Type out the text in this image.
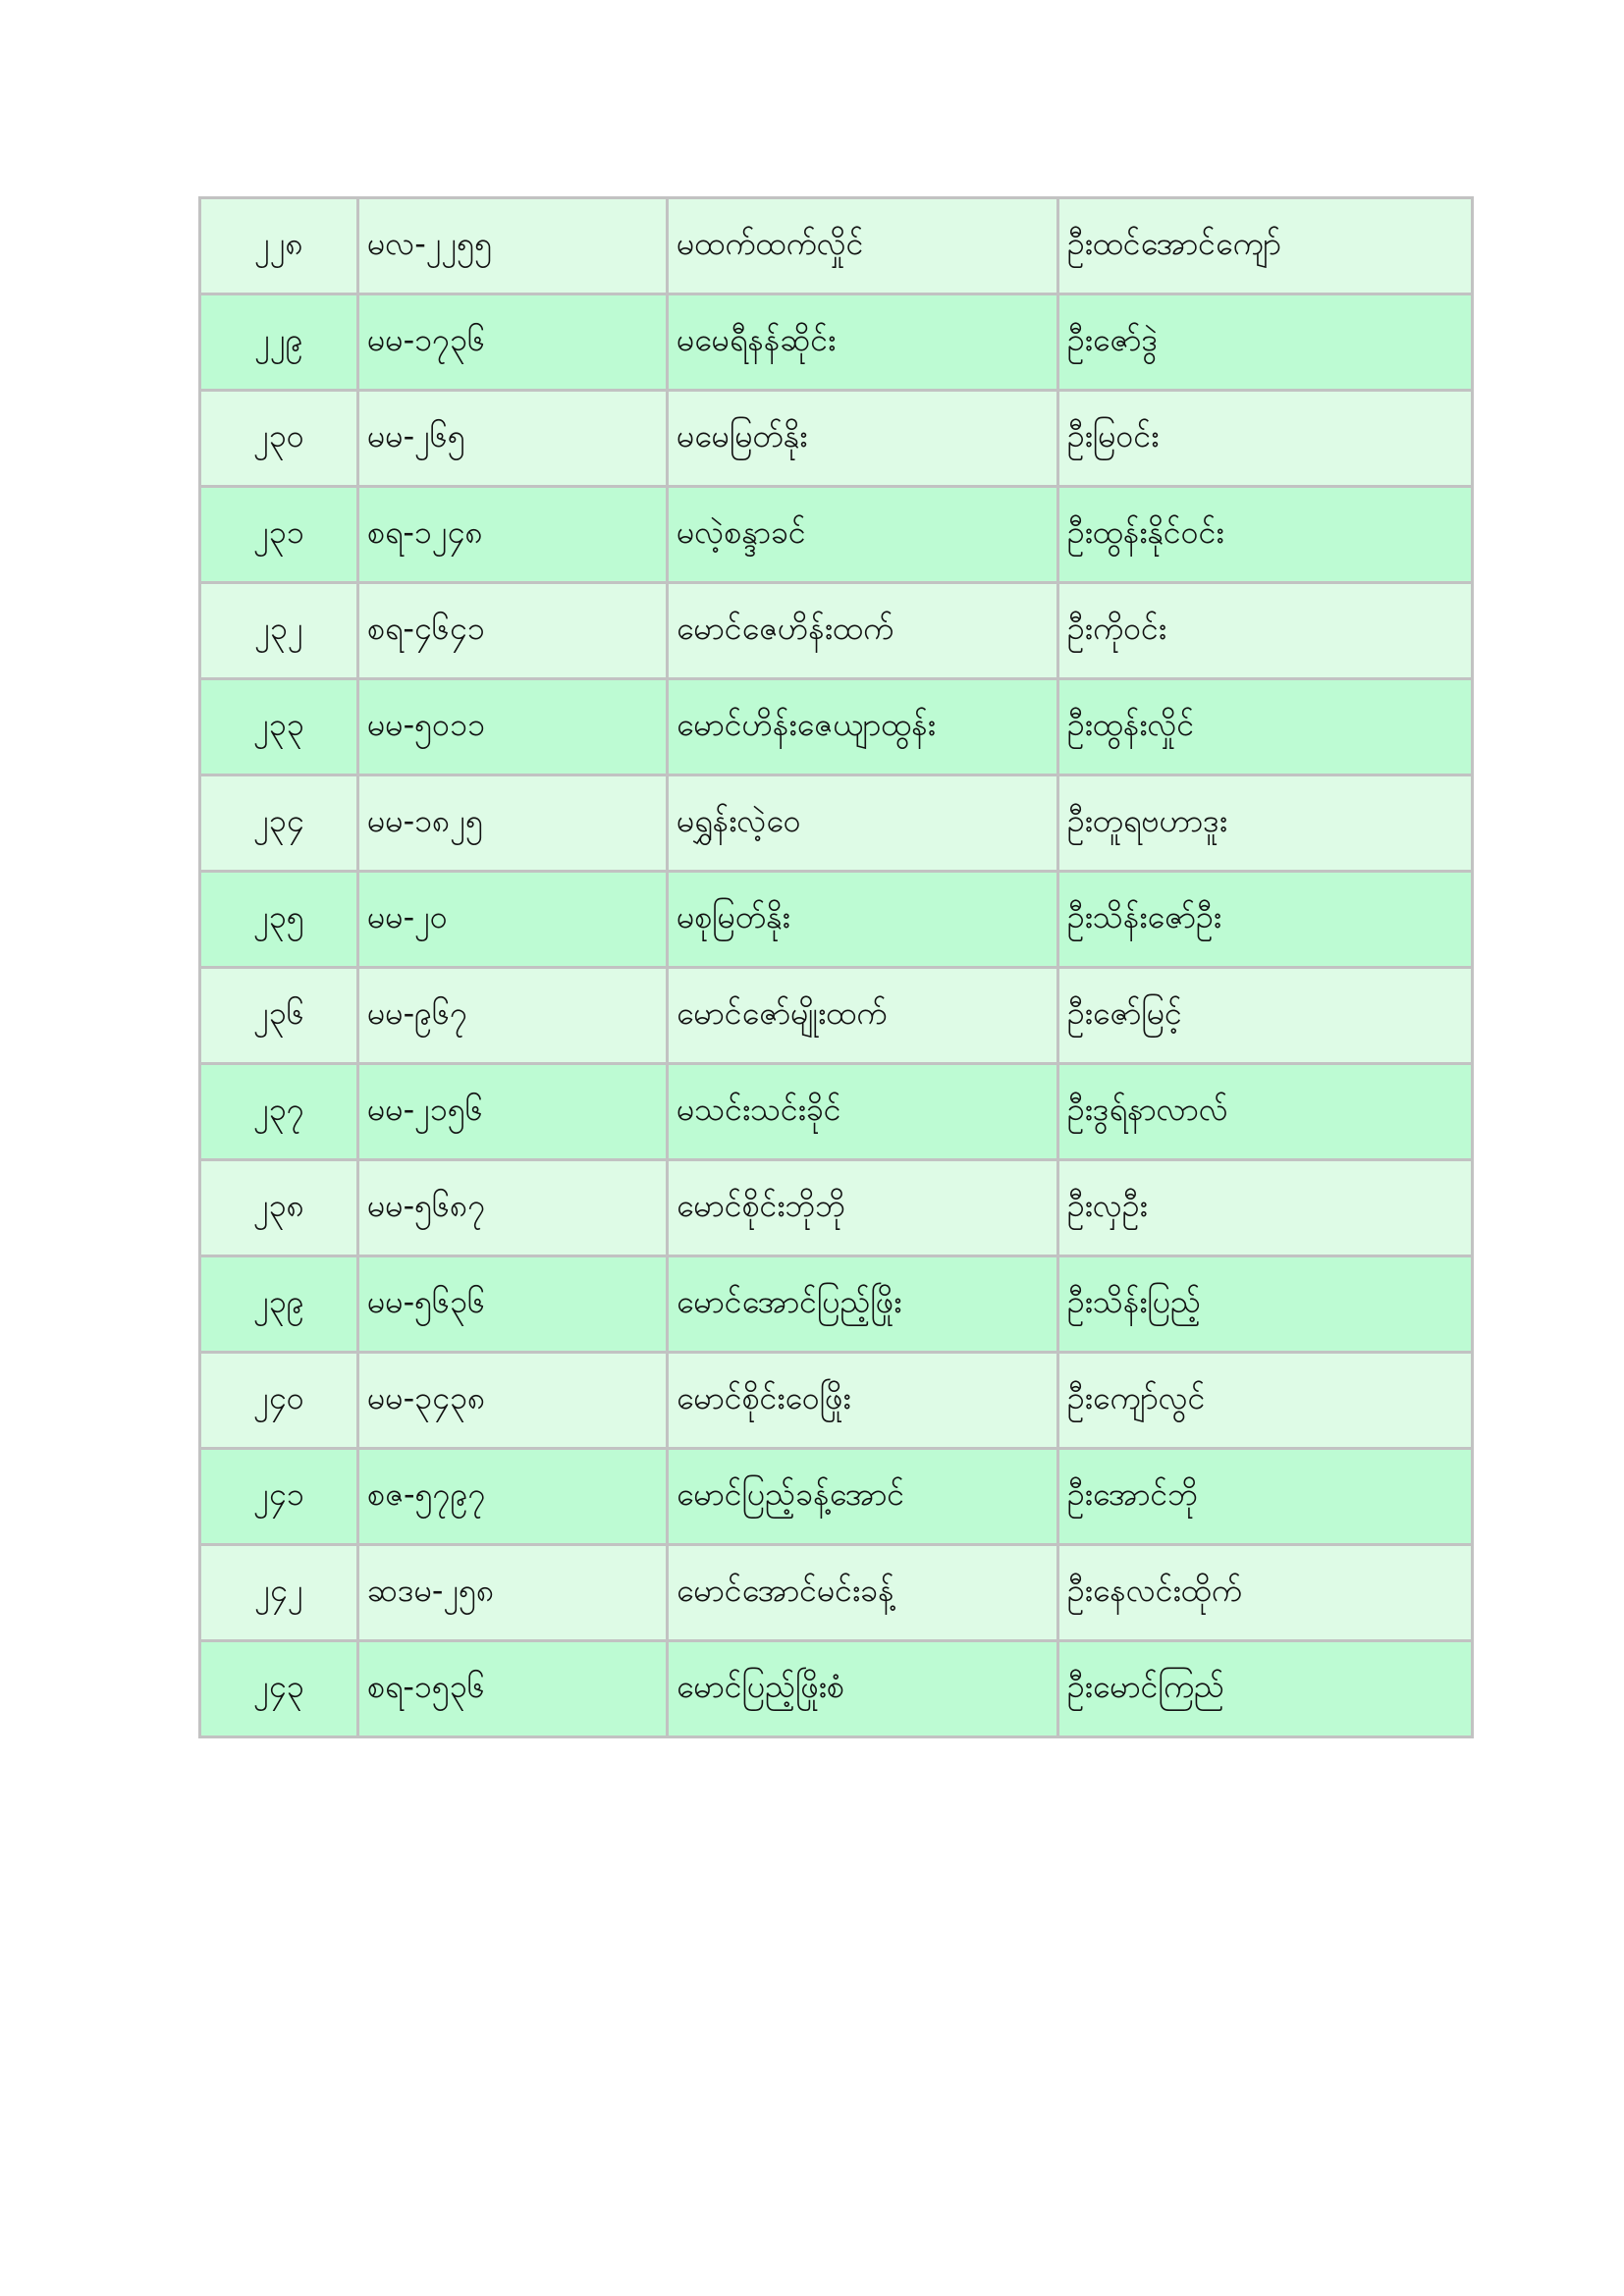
၂၂၈	မလ-၂၂၅၅	မထက်ထက်လှိုင်	ဦးထင်အောင်ကျော်
၂၂၉	မမ-၁၇၃၆	မမေရီနန်ဆိုင်း	ဦးဇော်ဒွဲ
၂၃၀	မမ-၂၆၅	မမေမြတ်နိုး	ဦးမြဝင်း
၂၃၁	စရ-၁၂၄၈	မလဲ့စန္ဒာခင်	ဦးထွန်းနိုင်ဝင်း
၂၃၂	စရ-၄၆၄၁	မောင်ဇေဟိန်းထက်	ဦးကိုဝင်း
၂၃၃	မမ-၅၀၁၁	မောင်ဟိန်းဇေယျာထွန်း	ဦးထွန်းလှိုင်
၂၃၄	မမ-၁၈၂၅	မရွှန်းလဲ့ဝေ	ဦးတူရဗဟာဒူး
၂၃၅	မမ-၂၀	မစုမြတ်နိုး	ဦးသိန်းဇော်ဦး
၂၃၆	မမ-၉၆၇	မောင်ဇော်မျိုးထက်	ဦးဇော်မြင့်
၂၃၇	မမ-၂၁၅၆	မသင်းသင်းခိုင်	ဦးဒွရ်နာလာလ်
၂၃၈	မမ-၅၆၈၇	မောင်စိုင်းဘိုဘို	ဦးလှဦး
၂၃၉	မမ-၅၆၃၆	မောင်အောင်ပြည့်ဖြိုး	ဦးသိန်းပြည့်
၂၄၀	မမ-၃၄၃၈	မောင်စိုင်းဝေဖြိုး	ဦးကျော်လွင်
၂၄၁	စဇ-၅၇၉၇	မောင်ပြည့်ခန့်အောင်	ဦးအောင်ဘို
၂၄၂	ဆဒမ-၂၅၈	မောင်အောင်မင်းခန့်	ဦးနေလင်းထိုက်
၂၄၃	စရ-၁၅၃၆	မောင်ပြည့်ဖြိုးစံ	ဦးမောင်ကြည်
